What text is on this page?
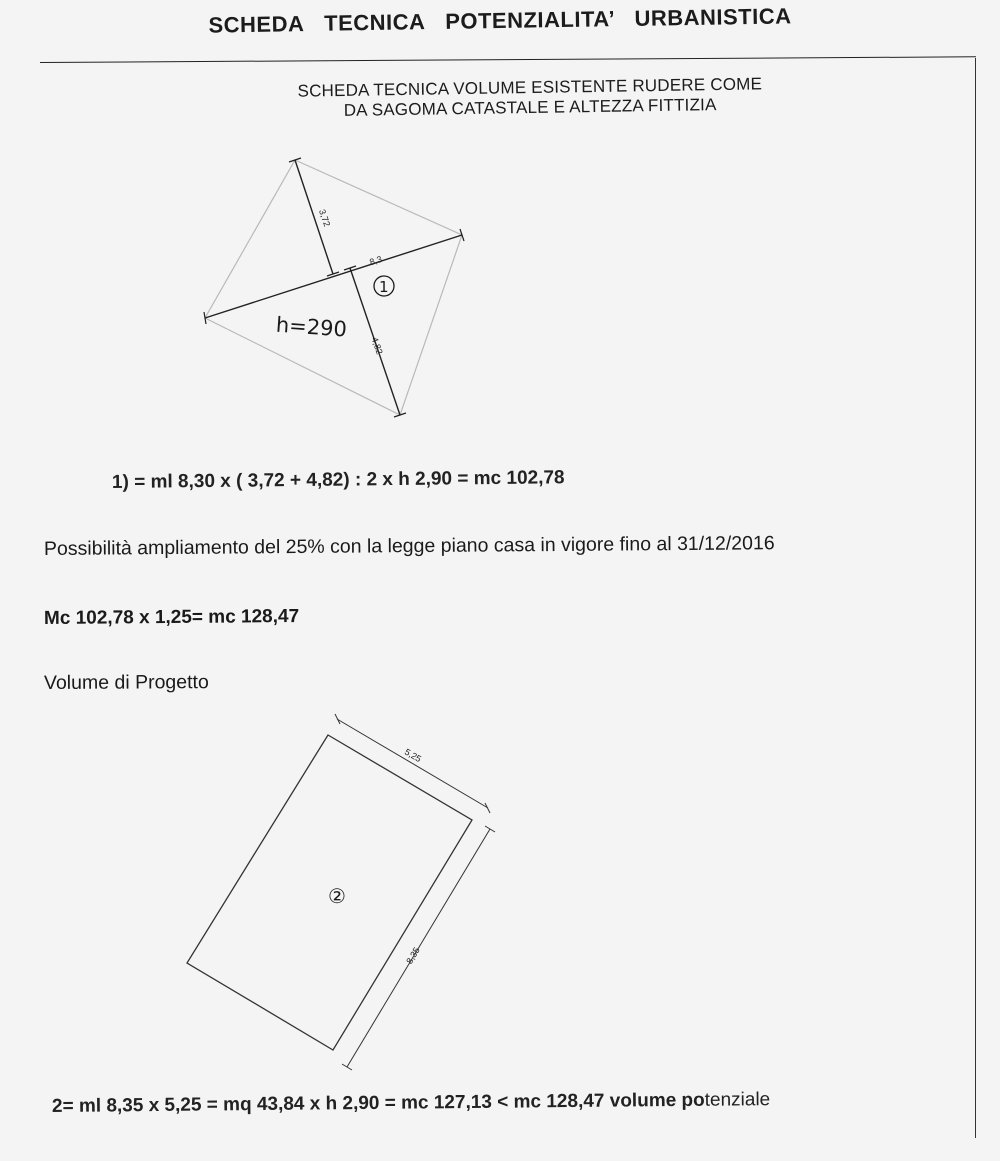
SCHEDA TECNICA POTENZIALITA’ URBANISTICA
SCHEDA TECNICA VOLUME ESISTENTE RUDERE COME
DA SAGOMA CATASTALE E ALTEZZA FITTIZIA
3,72
8,3
4,82
h=290
1
5,25
8,35
②
1) = ml 8,30 x ( 3,72 + 4,82) : 2 x h 2,90 = mc 102,78
Possibilità ampliamento del 25% con la legge piano casa in vigore fino al 31/12/2016
Mc 102,78 x 1,25= mc 128,47
Volume di Progetto
2= ml 8,35 x 5,25 = mq 43,84 x h 2,90 = mc 127,13 < mc 128,47 volume potenziale
